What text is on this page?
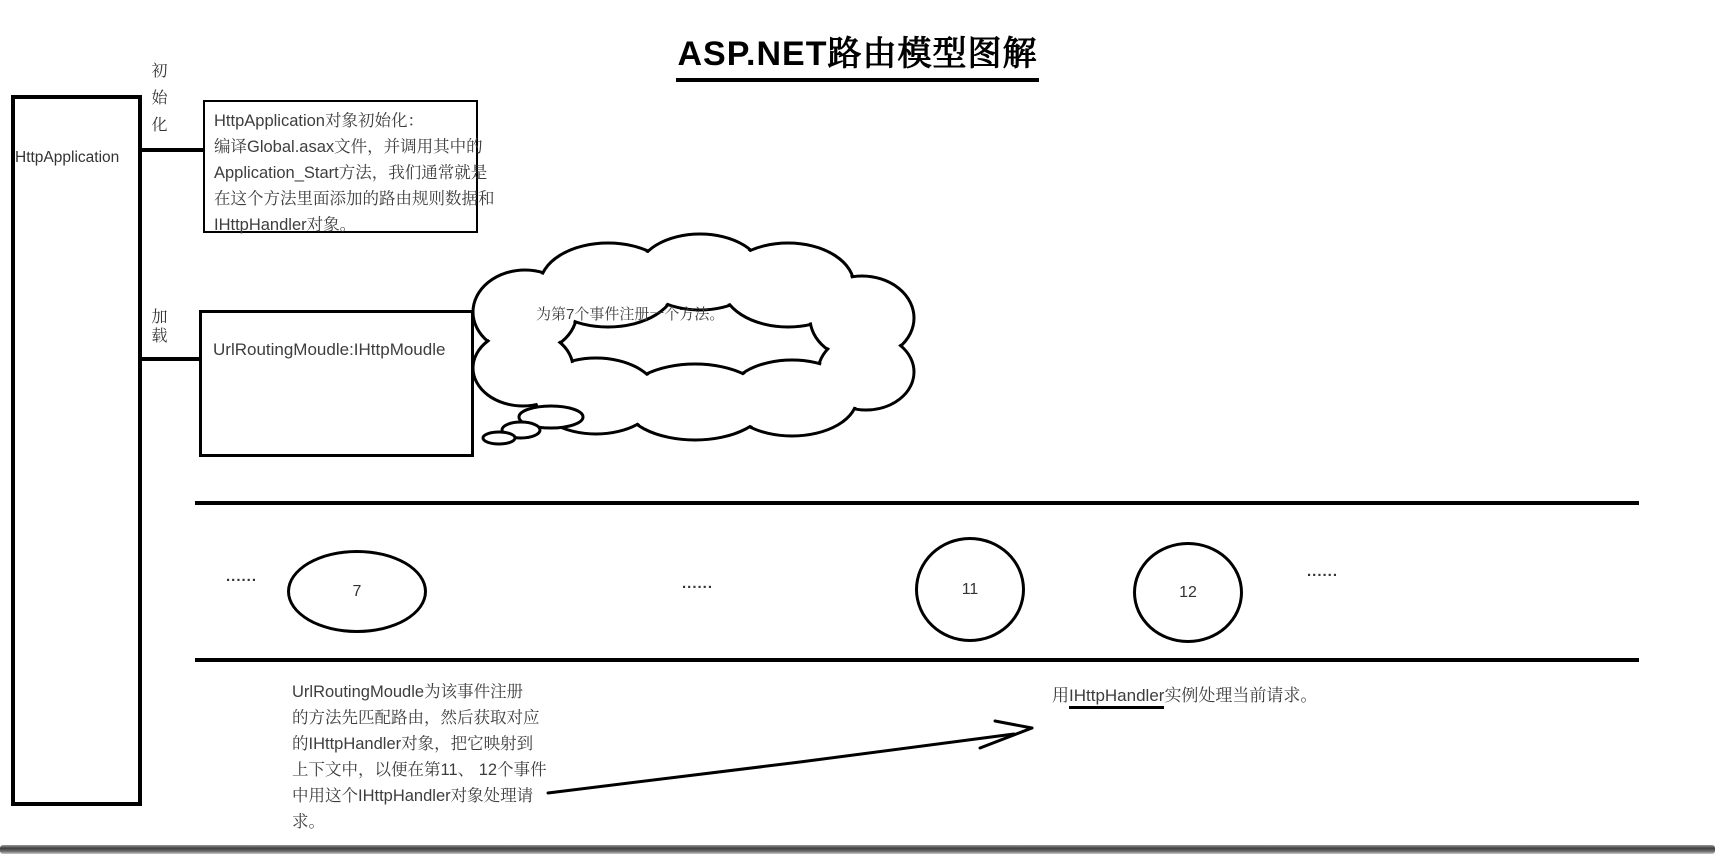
ASP.NET路由模型图解
HttpApplication
初始化
加载
HttpApplication对象初始化：
编译Global.asax文件，并调用其中的
Application_Start方法，我们通常就是
在这个方法里面添加的路由规则数据和
IHttpHandler对象。
UrlRoutingMoudle:IHttpMoudle
为第7个事件注册一个方法。
7	11	12
......	......
......
UrlRoutingMoudle为该事件注册
的方法先匹配路由，然后获取对应
的IHttpHandler对象，把它映射到
上下文中，以便在第11、 12个事件
中用这个IHttpHandler对象处理请
求。
用IHttpHandler实例处理当前请求。
